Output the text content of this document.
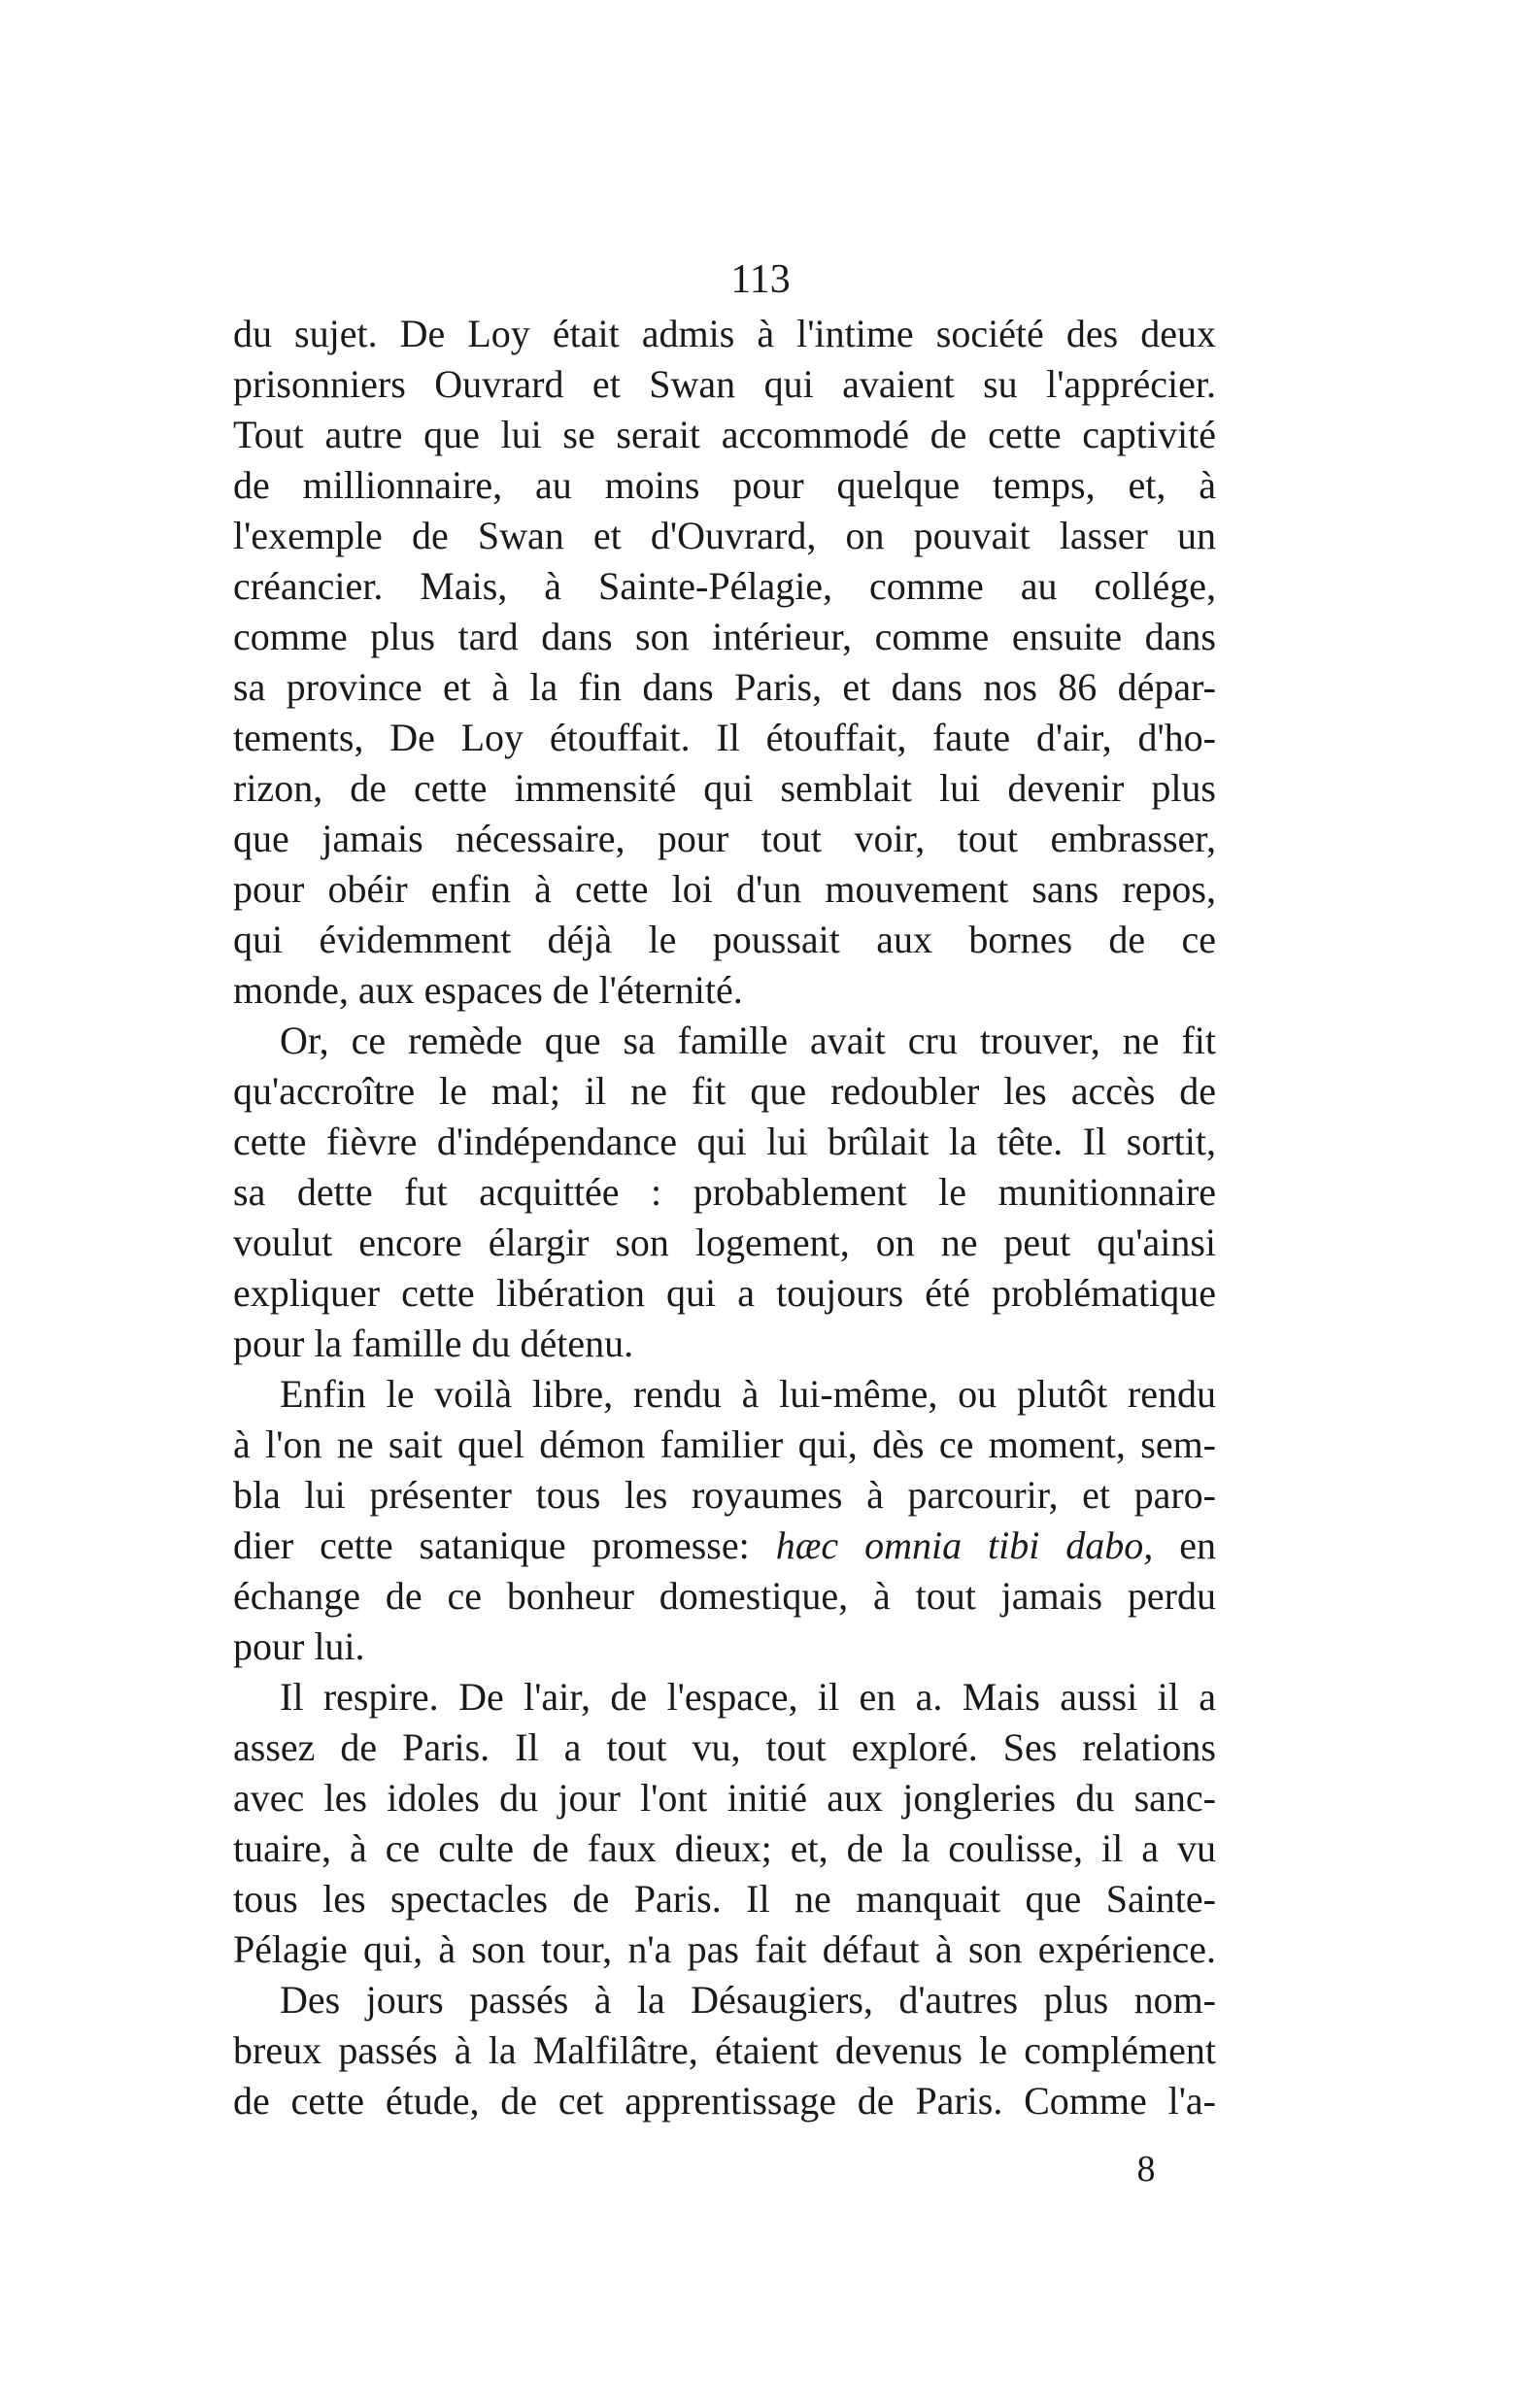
113
du sujet. De Loy était admis à l'intime société des deux
prisonniers Ouvrard et Swan qui avaient su l'apprécier.
Tout autre que lui se serait accommodé de cette captivité
de millionnaire, au moins pour quelque temps, et, à
l'exemple de Swan et d'Ouvrard, on pouvait lasser un
créancier. Mais, à Sainte-Pélagie, comme au collége,
comme plus tard dans son intérieur, comme ensuite dans
sa province et à la fin dans Paris, et dans nos 86 dépar-
tements, De Loy étouffait. Il étouffait, faute d'air, d'ho-
rizon, de cette immensité qui semblait lui devenir plus
que jamais nécessaire, pour tout voir, tout embrasser,
pour obéir enfin à cette loi d'un mouvement sans repos,
qui évidemment déjà le poussait aux bornes de ce
monde, aux espaces de l'éternité.
Or, ce remède que sa famille avait cru trouver, ne fit
qu'accroître le mal; il ne fit que redoubler les accès de
cette fièvre d'indépendance qui lui brûlait la tête. Il sortit,
sa dette fut acquittée : probablement le munitionnaire
voulut encore élargir son logement, on ne peut qu'ainsi
expliquer cette libération qui a toujours été problématique
pour la famille du détenu.
Enfin le voilà libre, rendu à lui-même, ou plutôt rendu
à l'on ne sait quel démon familier qui, dès ce moment, sem-
bla lui présenter tous les royaumes à parcourir, et paro-
dier cette satanique promesse: hæc omnia tibi dabo, en
échange de ce bonheur domestique, à tout jamais perdu
pour lui.
Il respire. De l'air, de l'espace, il en a. Mais aussi il a
assez de Paris. Il a tout vu, tout exploré. Ses relations
avec les idoles du jour l'ont initié aux jongleries du sanc-
tuaire, à ce culte de faux dieux; et, de la coulisse, il a vu
tous les spectacles de Paris. Il ne manquait que Sainte-
Pélagie qui, à son tour, n'a pas fait défaut à son expérience.
Des jours passés à la Désaugiers, d'autres plus nom-
breux passés à la Malfilâtre, étaient devenus le complément
de cette étude, de cet apprentissage de Paris. Comme l'a-
8
